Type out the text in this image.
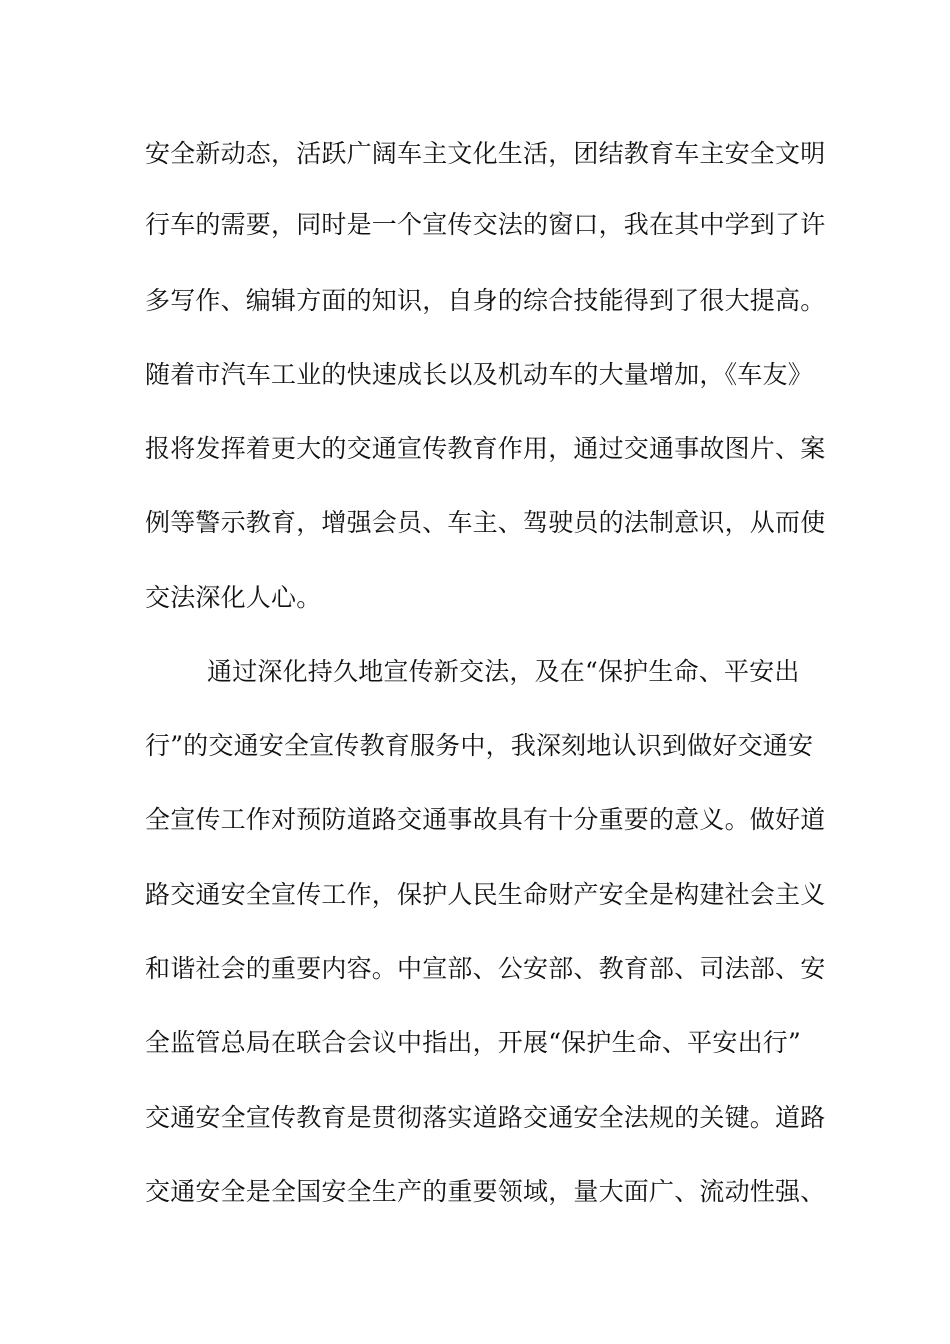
安全新动态，活跃广阔车主文化生活，团结教育车主安全文明
行车的需要，同时是一个宣传交法的窗口，我在其中学到了许
多写作、编辑方面的知识，自身的综合技能得到了很大提高。
随着市汽车工业的快速成长以及机动车的大量增加，《车友》
报将发挥着更大的交通宣传教育作用，通过交通事故图片、案
例等警示教育，增强会员、车主、驾驶员的法制意识，从而使
交法深化人心。
通过深化持久地宣传新交法，及在“保护生命、平安出
行”的交通安全宣传教育服务中，我深刻地认识到做好交通安
全宣传工作对预防道路交通事故具有十分重要的意义。做好道
路交通安全宣传工作，保护人民生命财产安全是构建社会主义
和谐社会的重要内容。中宣部、公安部、教育部、司法部、安
全监管总局在联合会议中指出，开展“保护生命、平安出行”
交通安全宣传教育是贯彻落实道路交通安全法规的关键。道路
交通安全是全国安全生产的重要领域，量大面广、流动性强、
